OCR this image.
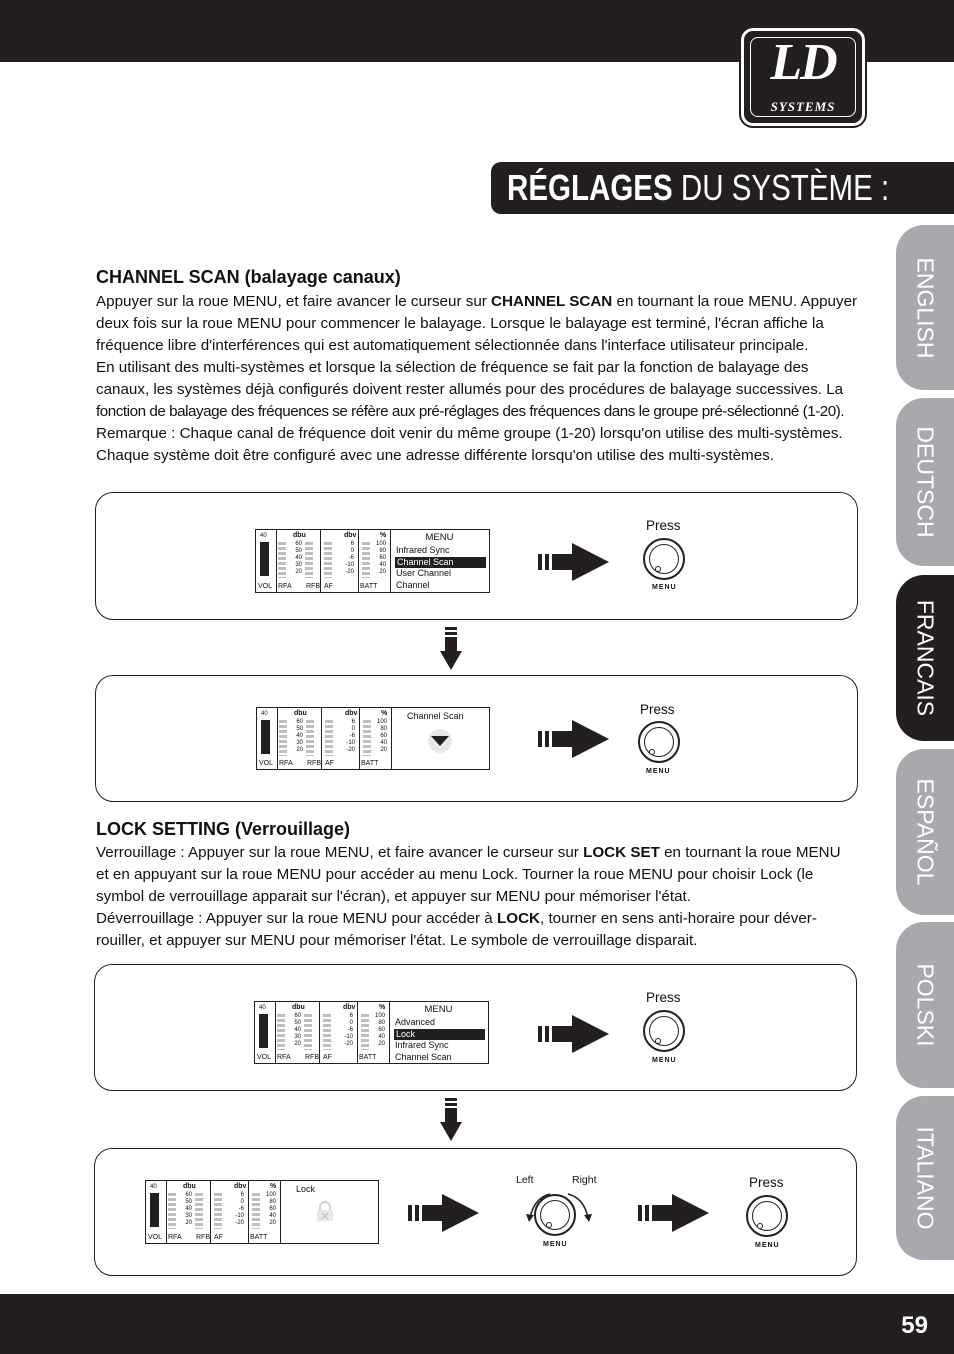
59
LD
SYSTEMS
RÉGLAGES DU SYSTÈME :
ENGLISH
DEUTSCH
FRANCAIS
ESPAÑOL
POLSKI
ITALIANO
CHANNEL SCAN (balayage canaux)

Appuyer sur la roue MENU, et faire avancer le curseur sur CHANNEL SCAN en tournant la roue MENU. Appuyer

deux fois sur la roue MENU pour commencer le balayage. Lorsque le balayage est terminé, l'écran affiche la

fréquence libre d'interférences qui est automatiquement sélectionnée dans l'interface utilisateur principale.

En utilisant des multi-systèmes et lorsque la sélection de fréquence se fait par la fonction de balayage des

canaux, les systèmes déjà configurés doivent rester allumés pour des procédures de balayage successives. La

fonction de balayage des fréquences se réfère aux pré-réglages des fréquences dans le groupe pré-sélectionné (1-20).

Remarque : Chaque canal de fréquence doit venir du même groupe (1-20) lorsqu'on utilise des multi-systèmes.

Chaque système doit être configuré avec une adresse différente lorsqu'on utilise des multi-systèmes.

40
VOL
dbu
60
50
40
30
20
RFA RFB
dbv
6
0
-6
-10
-20
AF
%
100
80
60
40
20
BATT
MENU
Infrared Sync
Channel Scan
User Channel
Channel
Press
MENU
40
VOL
dbu
60
50
40
30
20
RFA RFB
dbv
6
0
-6
-10
-20
AF
%
100
80
60
40
20
BATT
Channel Scan	Press
MENU
LOCK SETTING (Verrouillage)

Verrouillage : Appuyer sur la roue MENU, et faire avancer le curseur sur LOCK SET en tournant la roue MENU

et en appuyant sur la roue MENU pour accéder au menu Lock. Tourner la roue MENU pour choisir Lock (le

symbol de verrouillage apparait sur l'écran), et appuyer sur MENU pour mémoriser l'état.

Déverrouillage : Appuyer sur la roue MENU pour accéder à LOCK, tourner en sens anti-horaire pour déver-

rouiller, et appuyer sur MENU pour mémoriser l'état. Le symbole de verrouillage disparait.

40
VOL
dbu
60
50
40
30
20
RFA RFB
dbv
6
0
-6
-10
-20
AF
%
100
80
60
40
20
BATT
MENU
Advanced
Lock
Infrared Sync
Channel Scan
Press
MENU
40
VOL
dbu
60
50
40
30
20
RFA RFB
dbv
6
0
-6
-10
-20
AF
%
100
80
60
40
20
BATT
Lock
Left	Right
MENU
Press
MENU
